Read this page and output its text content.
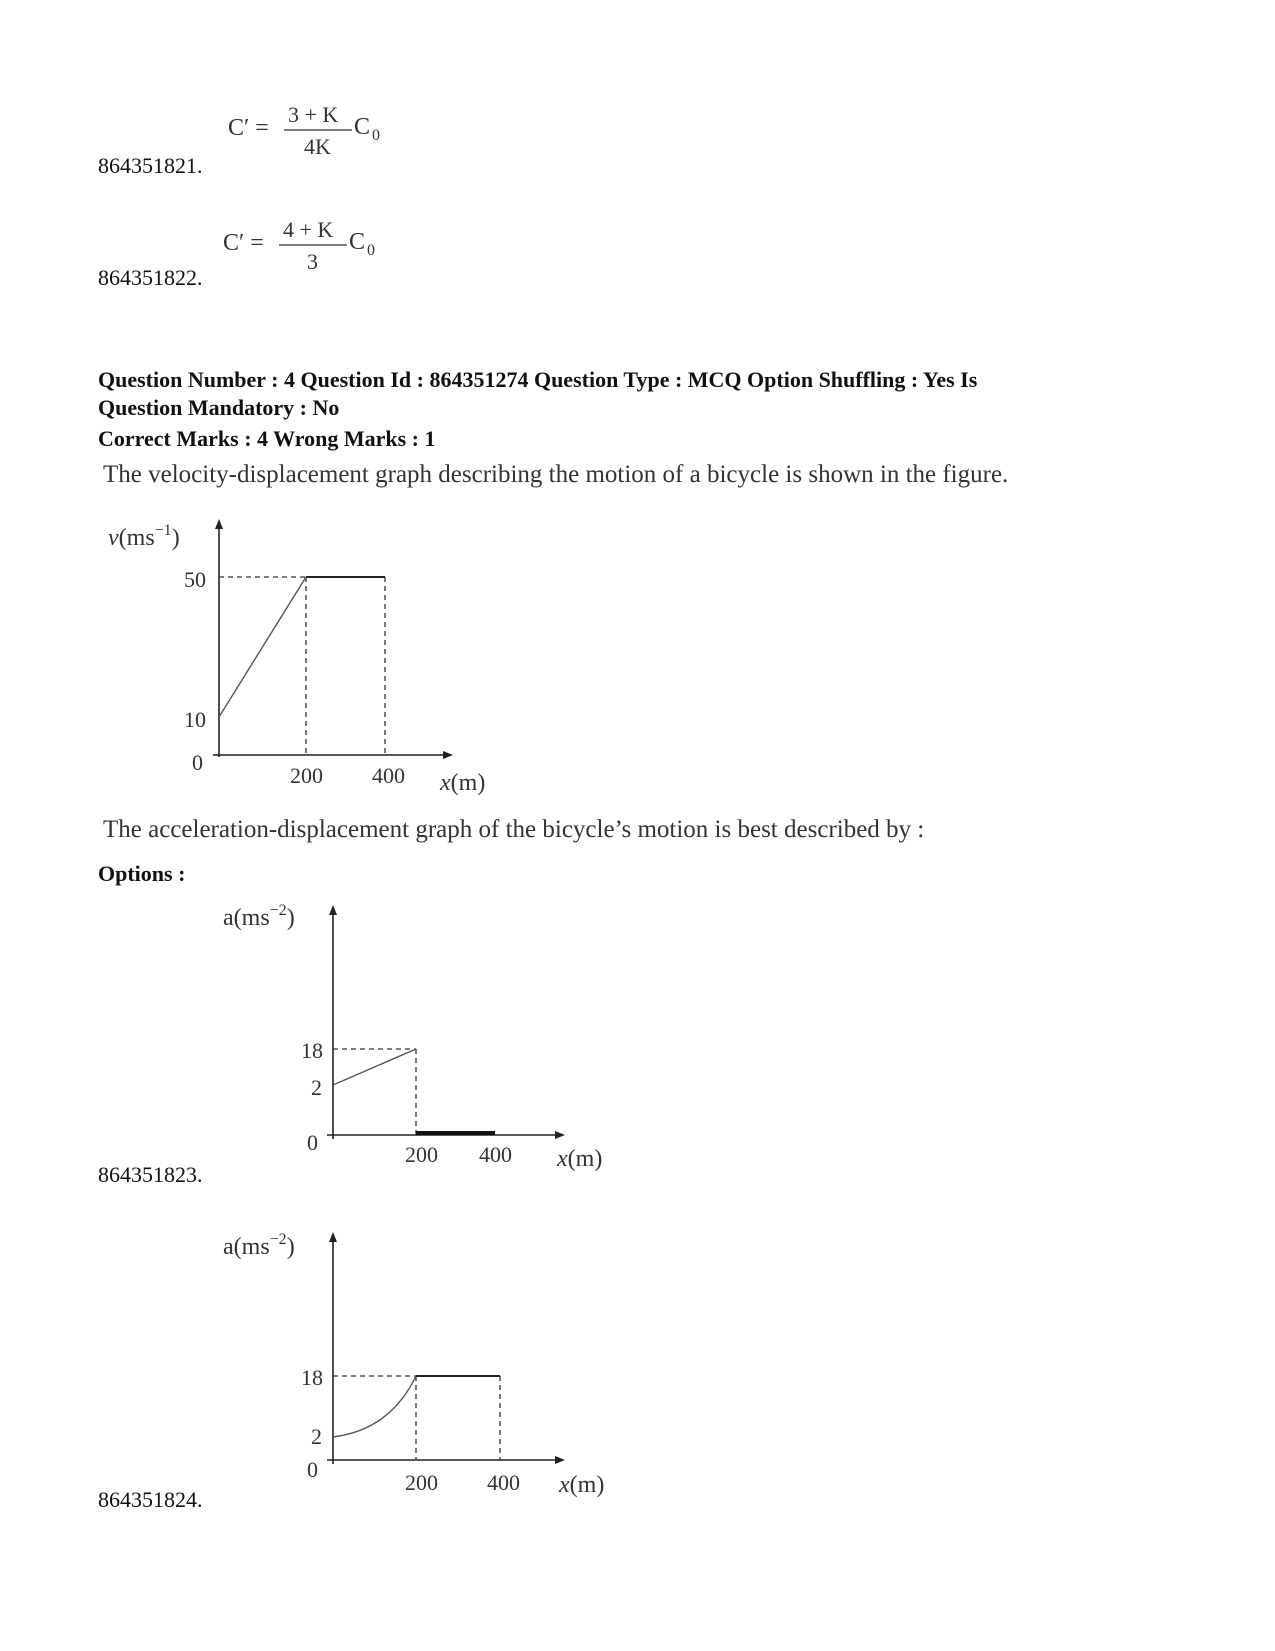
C′ =
3 + K
4K
C 0
864351821.
C′ =
4 + K
3
C 0
864351822.
Question Number : 4 Question Id : 864351274 Question Type : MCQ Option Shuffling : Yes Is
Question Mandatory : No
Correct Marks : 4 Wrong Marks : 1
The velocity-displacement graph describing the motion of a bicycle is shown in the figure.
$v(ms^{-1})$
50
10
0
200 400 x(m)
The acceleration-displacement graph of the bicycle’s motion is best described by :
Options :
$a(ms^{-2})$
18
2
0	200 400 x(m)
864351823.
$a(ms^{-2})$
18
2
0
200 400 x(m)
864351824.
